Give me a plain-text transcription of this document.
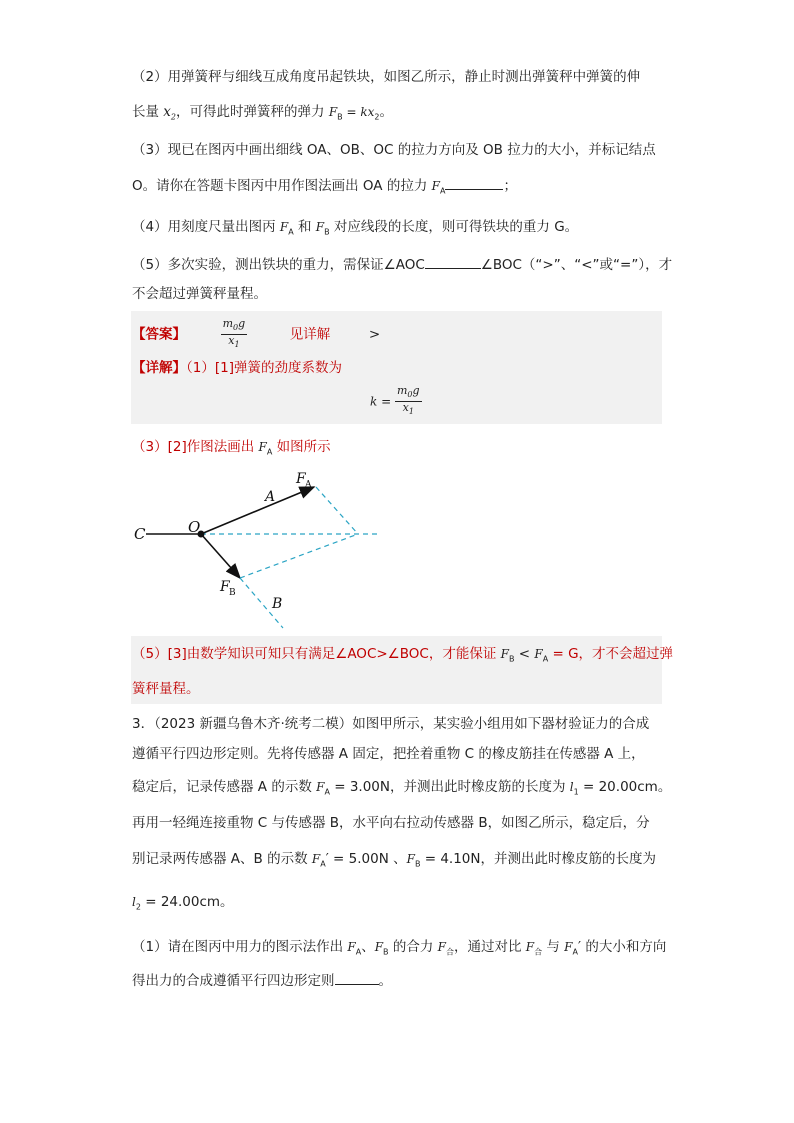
（2）用弹簧秤与细线互成角度吊起铁块，如图乙所示，静止时测出弹簧秤中弹簧的伸
长量 $x_2$，可得此时弹簧秤的弹力 $F_B = kx_2$。
（3）现已在图丙中画出细线 OA、OB、OC 的拉力方向及 OB 拉力的大小，并标记结点
O。请你在答题卡图丙中用作图法画出 OA 的拉力 $F_A$	；
（4）用刻度尺量出图丙 $F_A$ 和 $F_B$ 对应线段的长度，则可得铁块的重力 G。
（5）多次实验，测出铁块的重力，需保证∠AOC	∠BOC（“>”、“<”或“=”），才
不会超过弹簧秤量程。
【答案】	$\frac{m_0g}{x_1}$	见详解	>
【详解】（1）[1]弹簧的劲度系数为
$k = \frac{m_0g}{x_1}$
（3）[2]作图法画出 $F_A$ 如图所示
C	O
A
B
F A
F B
（5）[3]由数学知识可知只有满足∠AOC>∠BOC，才能保证 $F_B < F_A = G$，才不会超过弹
簧秤量程。
3．（2023 新疆乌鲁木齐·统考二模）如图甲所示，某实验小组用如下器材验证力的合成
遵循平行四边形定则。先将传感器 A 固定，把拴着重物 C 的橡皮筋挂在传感器 A 上，
稳定后，记录传感器 A 的示数 $F_A = 3.00N$，并测出此时橡皮筋的长度为 $l_1 = 20.00cm$。
再用一轻绳连接重物 C 与传感器 B，水平向右拉动传感器 B，如图乙所示，稳定后，分
别记录两传感器 A、B 的示数 $F_A' = 5.00N$ 、$F_B = 4.10N$，并测出此时橡皮筋的长度为
$l_2 = 24.00cm$。
（1）请在图丙中用力的图示法作出 $F_A$、$F_B$ 的合力 $F_合$，通过对比 $F_合$ 与 $F_A'$ 的大小和方向
得出力的合成遵循平行四边形定则	。
